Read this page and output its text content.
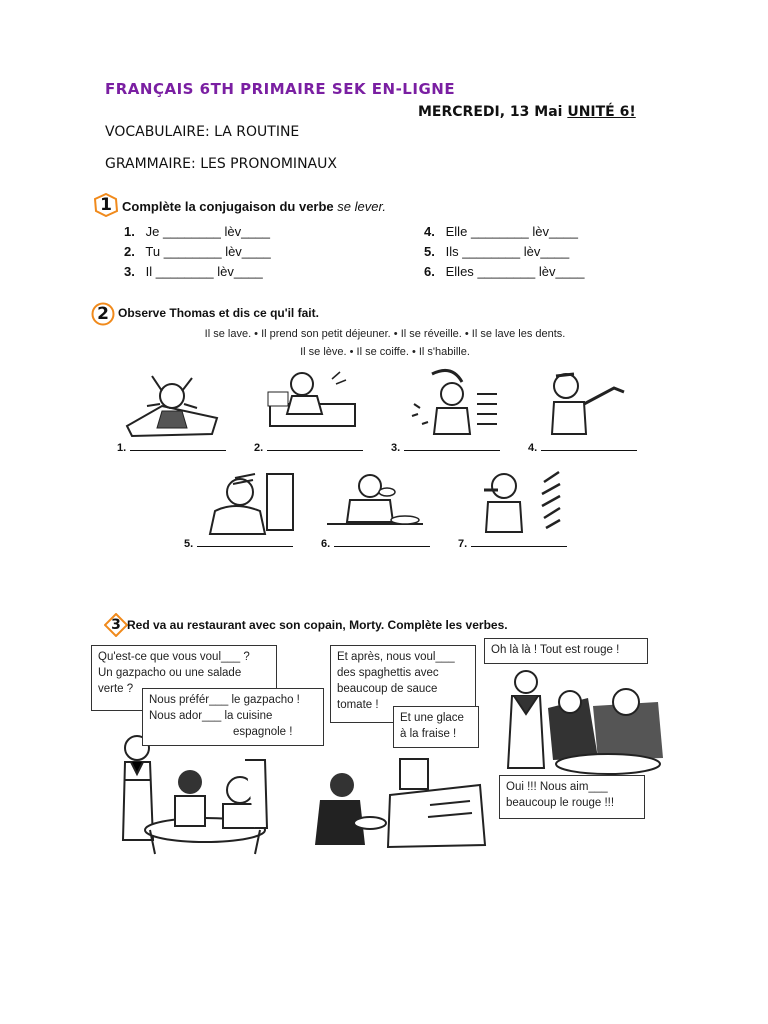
FRANÇAIS 6TH PRIMAIRE SEK EN-LIGNE
MERCREDI, 13 Mai UNITÉ 6!
VOCABULAIRE: LA ROUTINE
GRAMMAIRE: LES PRONOMINAUX
1 Complète la conjugaison du verbe se lever.
1. Je ________ lèv____
2. Tu ________ lèv____
3. Il ________ lèv____
4. Elle ________ lèv____
5. Ils ________ lèv____
6. Elles ________ lèv____
2 Observe Thomas et dis ce qu'il fait.
Il se lave. • Il prend son petit déjeuner. • Il se réveille. • Il se lave les dents.
Il se lève. • Il se coiffe. • Il s'habille.
1.	2.	3.	4.
5.	6.	7.
3 Red va au restaurant avec son copain, Morty. Complète les verbes.
Qu'est-ce que vous voul___ ?
Un gazpacho ou une salade
verte ?
Nous préfér___ le gazpacho !
Nous ador___ la cuisine
espagnole !
Et après, nous voul___
des spaghettis avec
beaucoup de sauce
tomate !
Et une glace
à la fraise !
Oh là là ! Tout est rouge !
Oui !!! Nous aim___
beaucoup le rouge !!!
